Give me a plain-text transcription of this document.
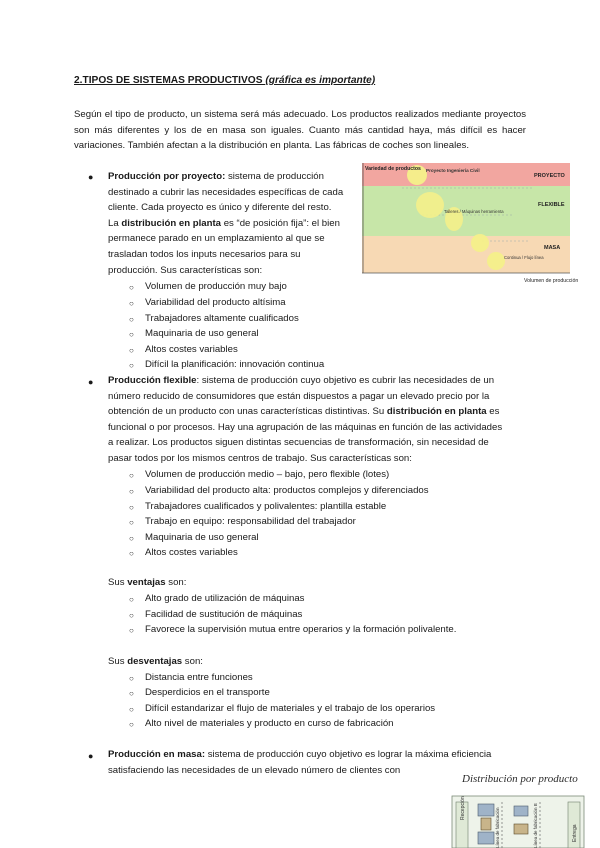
2.TIPOS DE SISTEMAS PRODUCTIVOS (gráfica es importante)
Según el tipo de producto, un sistema será más adecuado. Los productos realizados mediante proyectos son más diferentes y los de en masa son iguales. Cuanto más cantidad haya, más difícil es hacer variaciones. También afectan a la distribución en planta. Las fábricas de coches son lineales.
● Producción por proyecto: sistema de producción
destinado a cubrir las necesidades específicas de cada
cliente. Cada proyecto es único y diferente del resto.
La distribución en planta es “de posición fija”: el bien
permanece parado en un emplazamiento al que se
trasladan todos los inputs necesarios para su
producción. Sus características son:
○ Volumen de producción muy bajo
○ Variabilidad del producto altísima
○ Trabajadores altamente cualificados
○ Maquinaria de uso general
○ Altos costes variables
○ Difícil la planificación: innovación continua
Variedad de productos Proyecto Ingeniería Civil
Talleres / Máquinas herramienta
Continua / Flujo línea
PROYECTO
FLEXIBLE
MASA
Volumen de producción
● Producción flexible: sistema de producción cuyo objetivo es cubrir las necesidades de un
número reducido de consumidores que están dispuestos a pagar un elevado precio por la
obtención de un producto con unas características distintivas. Su distribución en planta es
funcional o por procesos. Hay una agrupación de las máquinas en función de las actividades
a realizar. Los productos siguen distintas secuencias de transformación, sin necesidad de
pasar todos por los mismos centros de trabajo. Sus características son:
○ Volumen de producción medio – bajo, pero flexible (lotes)
○ Variabilidad del producto alta: productos complejos y diferenciados
○ Trabajadores cualificados y polivalentes: plantilla estable
○ Trabajo en equipo: responsabilidad del trabajador
○ Maquinaria de uso general
○ Altos costes variables
Sus ventajas son:
○ Alto grado de utilización de máquinas
○ Facilidad de sustitución de máquinas
○ Favorece la supervisión mutua entre operarios y la formación polivalente.
Sus desventajas son:
○ Distancia entre funciones
○ Desperdicios en el transporte
○ Difícil estandarizar el flujo de materiales y el trabajo de los operarios
○ Alto nivel de materiales y producto en curso de fabricación
● Producción en masa: sistema de producción cuyo objetivo es lograr la máxima eficiencia
satisfaciendo las necesidades de un elevado número de clientes con
Distribución por producto
Recepción	Línea de fabricación	Línea de fabricación B	Entrega
